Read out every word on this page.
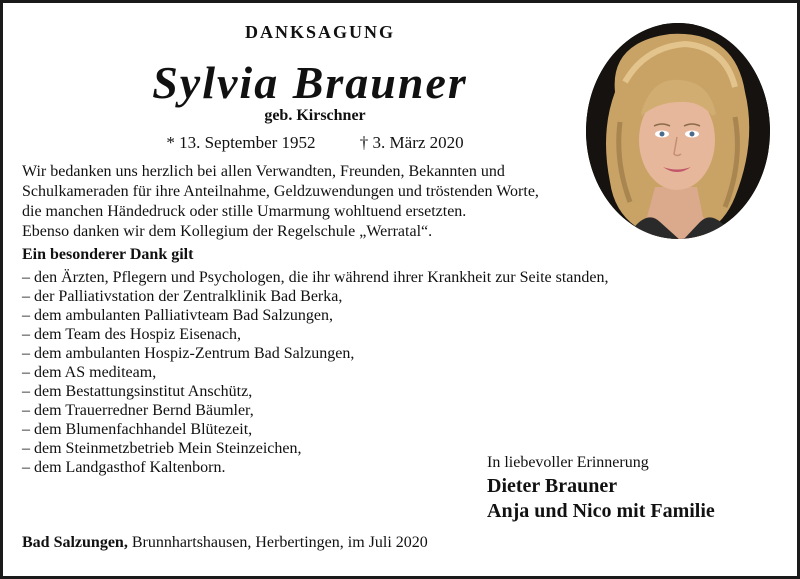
DANKSAGUNG
Sylvia Brauner
geb. Kirschner
* 13. September 1952	† 3. März 2020
Wir bedanken uns herzlich bei allen Verwandten, Freunden, Bekannten und
Schulkameraden für ihre Anteilnahme, Geldzuwendungen und tröstenden Worte,
die manchen Händedruck oder stille Umarmung wohltuend ersetzten.
Ebenso danken wir dem Kollegium der Regelschule „Werratal“.
Ein besonderer Dank gilt
– den Ärzten, Pflegern und Psychologen, die ihr während ihrer Krankheit zur Seite standen,
– der Palliativstation der Zentralklinik Bad Berka,
– dem ambulanten Palliativteam Bad Salzungen,
– dem Team des Hospiz Eisenach,
– dem ambulanten Hospiz-Zentrum Bad Salzungen,
– dem AS mediteam,
– dem Bestattungsinstitut Anschütz,
– dem Trauerredner Bernd Bäumler,
– dem Blumenfachhandel Blütezeit,
– dem Steinmetzbetrieb Mein Steinzeichen,
– dem Landgasthof Kaltenborn.	In liebevoller Erinnerung
Dieter Brauner
Anja und Nico mit Familie
Bad Salzungen, Brunnhartshausen, Herbertingen, im Juli 2020
